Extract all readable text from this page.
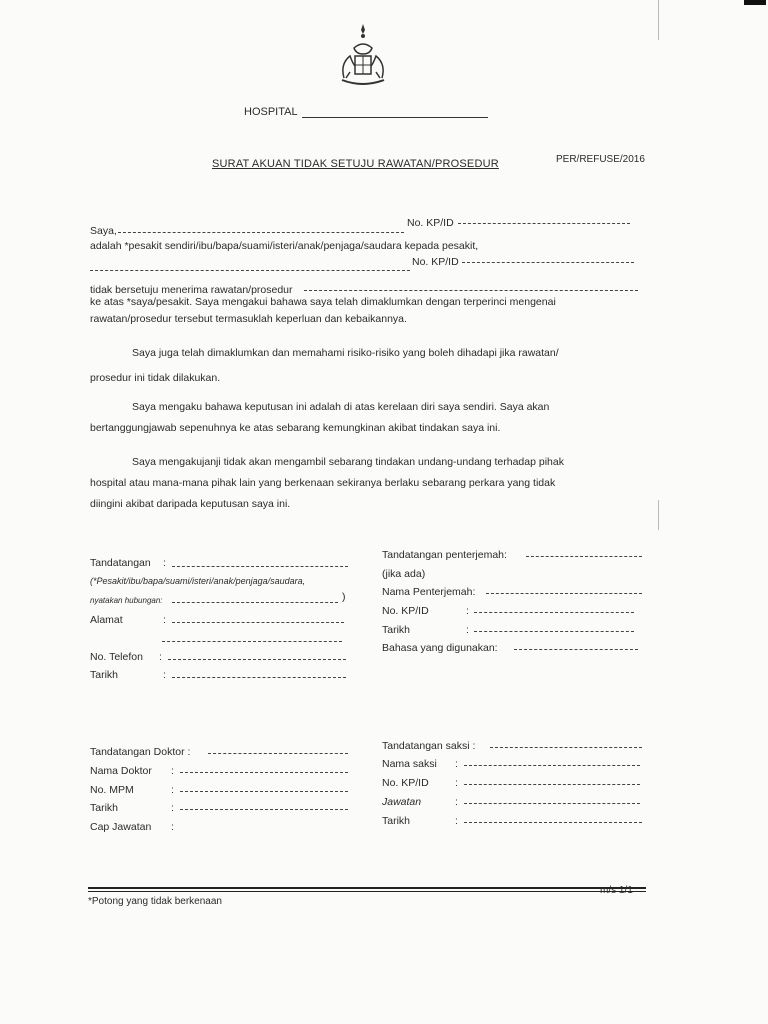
HOSPITAL
SURAT AKUAN TIDAK SETUJU RAWATAN/PROSEDUR	PER/REFUSE/2016
Saya,
No. KP/ID
adalah *pesakit sendiri/ibu/bapa/suami/isteri/anak/penjaga/saudara kepada pesakit,
No. KP/ID
tidak bersetuju menerima rawatan/prosedur
ke atas *saya/pesakit. Saya mengakui bahawa saya telah dimaklumkan dengan terperinci mengenai
rawatan/prosedur tersebut termasuklah keperluan dan kebaikannya.
Saya juga telah dimaklumkan dan memahami risiko-risiko yang boleh dihadapi jika rawatan/
prosedur ini tidak dilakukan.
Saya mengaku bahawa keputusan ini adalah di atas kerelaan diri saya sendiri. Saya akan
bertanggungjawab sepenuhnya ke atas sebarang kemungkinan akibat tindakan saya ini.
Saya mengakujanji tidak akan mengambil sebarang tindakan undang-undang terhadap pihak
hospital atau mana-mana pihak lain yang berkenaan sekiranya berlaku sebarang perkara yang tidak
diingini akibat daripada keputusan saya ini.
Tandatangan :
(*Pesakit/ibu/bapa/suami/isteri/anak/penjaga/saudara,
nyatakan hubungan:	)
Alamat	:
No. Telefon :
Tarikh	:
Tandatangan penterjemah:
(jika ada)
Nama Penterjemah:
No. KP/ID	:
Tarikh	:
Bahasa yang digunakan:
Tandatangan Doktor :
Nama Doktor :
No. MPM	:
Tarikh	:
Cap Jawatan :
Tandatangan saksi :
Nama saksi :
No. KP/ID	:
Jawatan	:
Tarikh	:
m/s 1/1
*Potong yang tidak berkenaan
